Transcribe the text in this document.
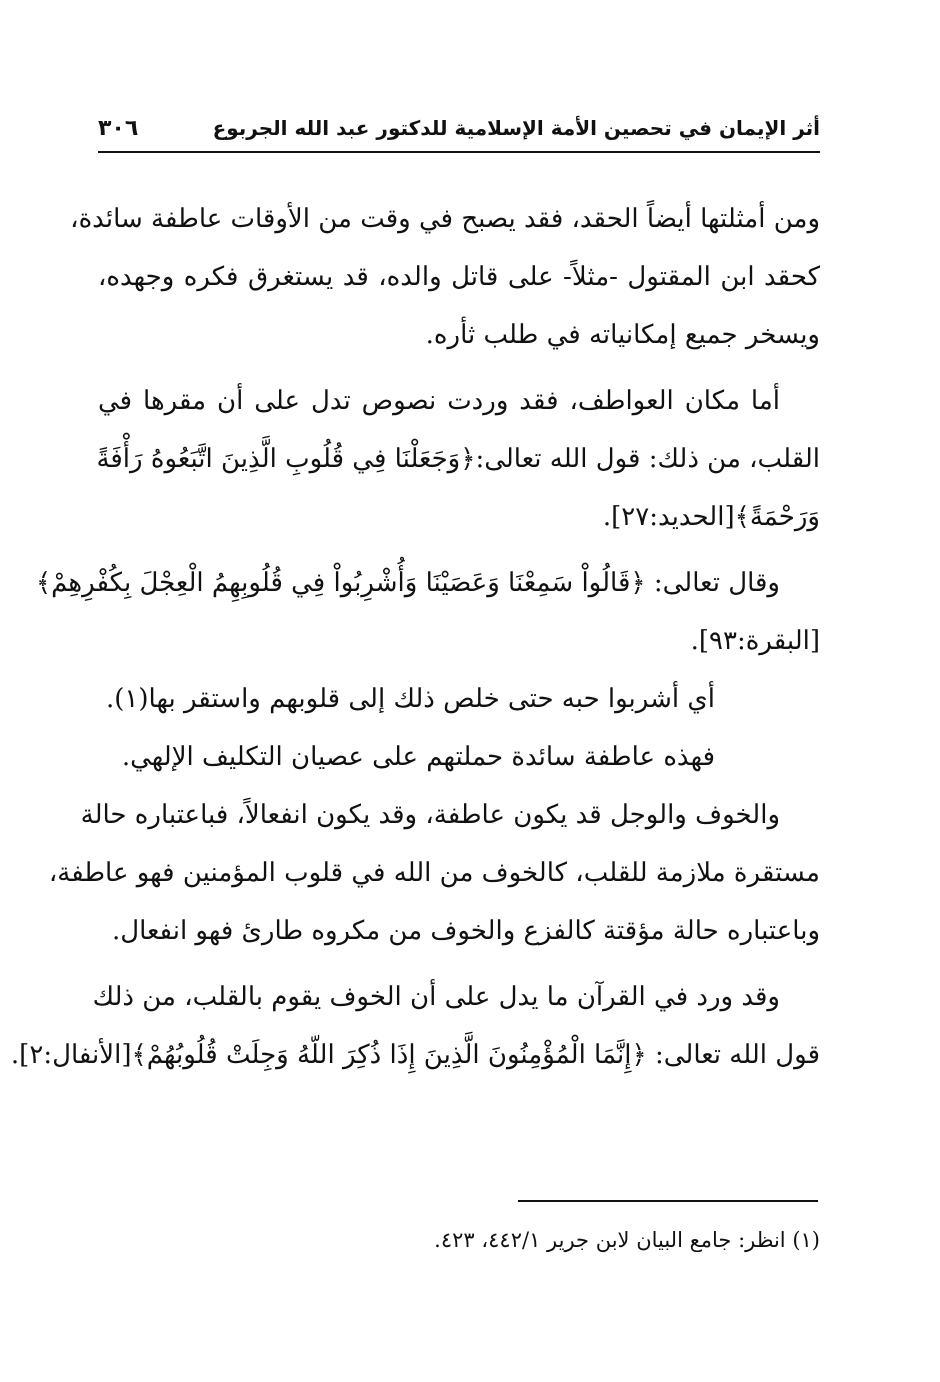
أثر الإيمان في تحصين الأمة الإسلامية للدكتور عبد الله الجربوع
٣٠٦
ومن أمثلتها أيضاً الحقد، فقد يصبح في وقت من الأوقات عاطفة سائدة،
كحقد ابن المقتول -مثلاً- على قاتل والده، قد يستغرق فكره وجهده،
ويسخر جميع إمكانياته في طلب ثأره.
أما مكان العواطف، فقد وردت نصوص تدل على أن مقرها في
القلب، من ذلك: قول الله تعالى:﴿وَجَعَلْنَا فِي قُلُوبِ الَّذِينَ اتَّبَعُوهُ رَأْفَةً
وَرَحْمَةً﴾[الحديد:٢٧].
وقال تعالى: ﴿قَالُواْ سَمِعْنَا وَعَصَيْنَا وَأُشْرِبُواْ فِي قُلُوبِهِمُ الْعِجْلَ بِكُفْرِهِمْ﴾
[البقرة:٩٣].
أي أشربوا حبه حتى خلص ذلك إلى قلوبهم واستقر بها(١).
فهذه عاطفة سائدة حملتهم على عصيان التكليف الإلهي.
والخوف والوجل قد يكون عاطفة، وقد يكون انفعالاً، فباعتباره حالة
مستقرة ملازمة للقلب، كالخوف من الله في قلوب المؤمنين فهو عاطفة،
وباعتباره حالة مؤقتة كالفزع والخوف من مكروه طارئ فهو انفعال.
وقد ورد في القرآن ما يدل على أن الخوف يقوم بالقلب، من ذلك
قول الله تعالى: ﴿إِنَّمَا الْمُؤْمِنُونَ الَّذِينَ إِذَا ذُكِرَ اللّهُ وَجِلَتْ قُلُوبُهُمْ﴾[الأنفال:٢].
(١) انظر: جامع البيان لابن جرير ٤٤٢/١، ٤٢٣.
